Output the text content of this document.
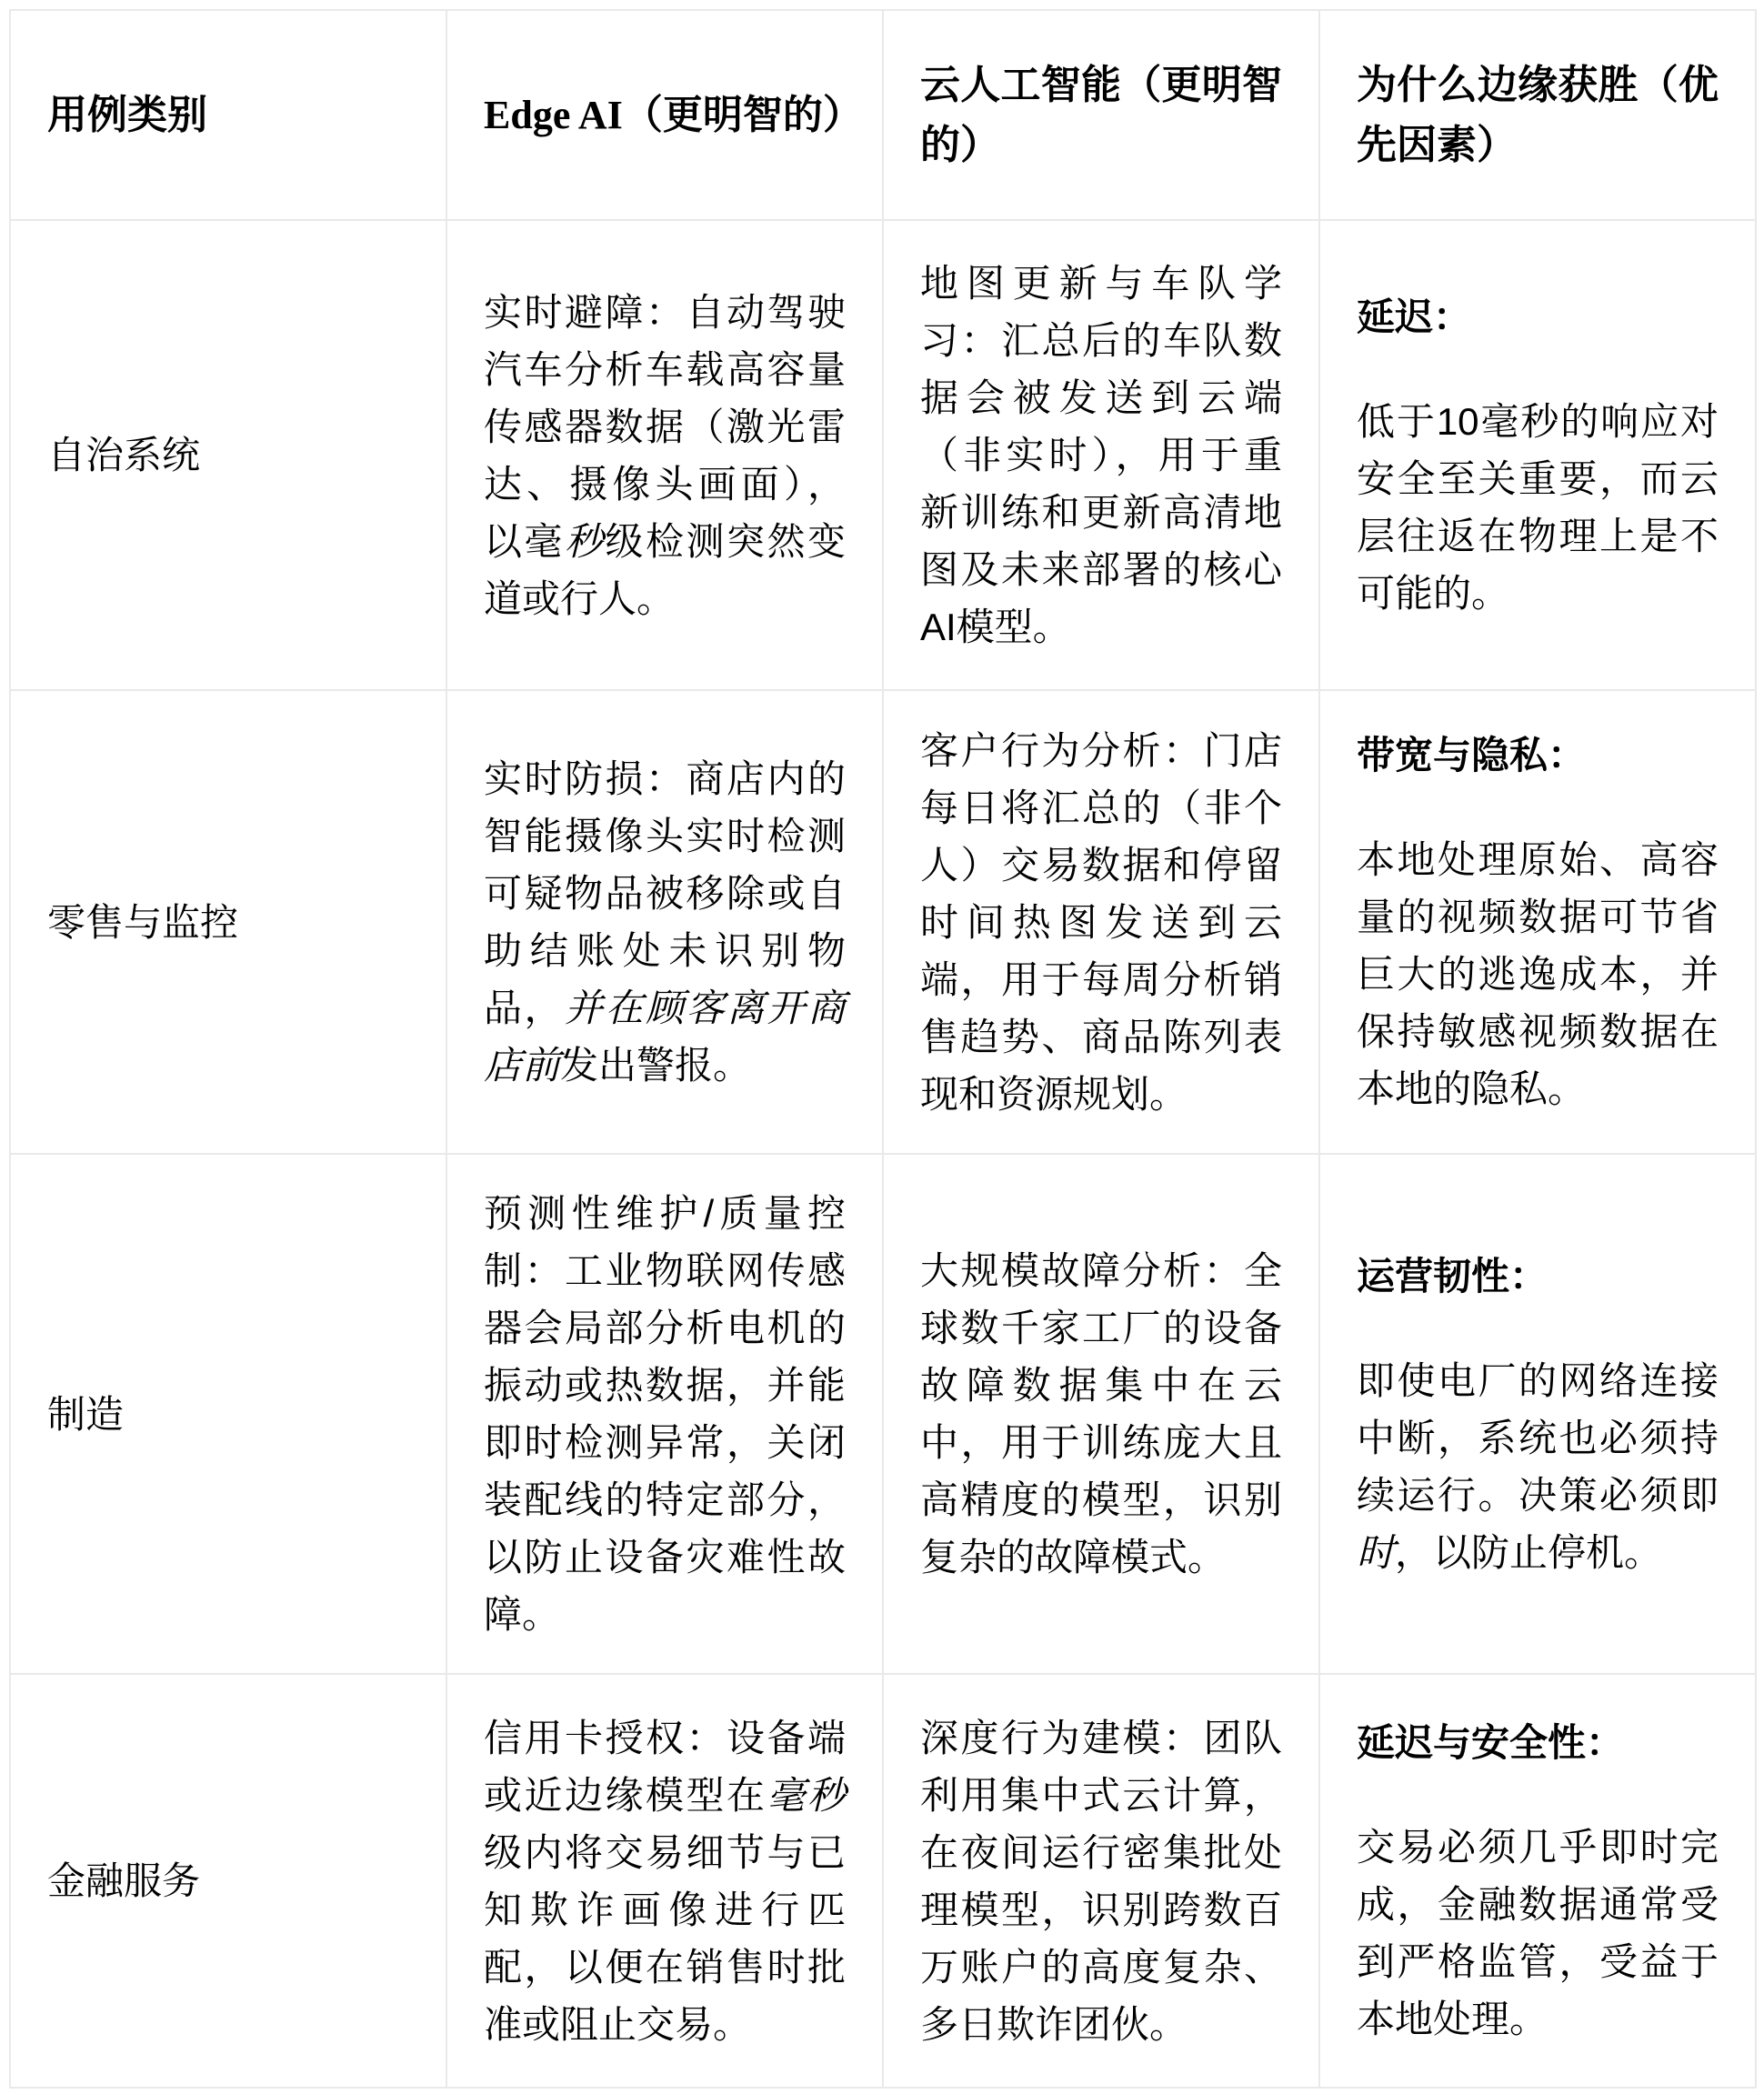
用例类别	Edge AI（更明智的）	云人工智能（更明智的）	为什么边缘获胜（优先因素）
自治系统	实时避障：自动驾驶汽车分析车载高容量传感器数据（激光雷达、摄像头画面），以毫秒级检测突然变道或行人。	地图更新与车队学习：汇总后的车队数据会被发送到云端（非实时），用于重新训练和更新高清地图及未来部署的核心AI模型。	延迟：

低于10毫秒的响应对安全至关重要，而云层往返在物理上是不可能的。

零售与监控	实时防损：商店内的智能摄像头实时检测可疑物品被移除或自助结账处未识别物品，并在顾客离开商店前发出警报。	客户行为分析：门店每日将汇总的（非个人）交易数据和停留时间热图发送到云端，用于每周分析销售趋势、商品陈列表现和资源规划。	带宽与隐私：

本地处理原始、高容量的视频数据可节省巨大的逃逸成本，并保持敏感视频数据在本地的隐私。

制造	预测性维护/质量控制：工业物联网传感器会局部分析电机的振动或热数据，并能即时检测异常，关闭装配线的特定部分，以防止设备灾难性故障。	大规模故障分析：全球数千家工厂的设备故障数据集中在云中，用于训练庞大且高精度的模型，识别复杂的故障模式。	运营韧性：

即使电厂的网络连接中断，系统也必须持续运行。决策必须即时，以防止停机。

金融服务	信用卡授权：设备端或近边缘模型在毫秒级内将交易细节与已知欺诈画像进行匹配，以便在销售时批准或阻止交易。	深度行为建模：团队利用集中式云计算，在夜间运行密集批处理模型，识别跨数百万账户的高度复杂、多日欺诈团伙。	延迟与安全性：

交易必须几乎即时完成，金融数据通常受到严格监管，受益于本地处理。
